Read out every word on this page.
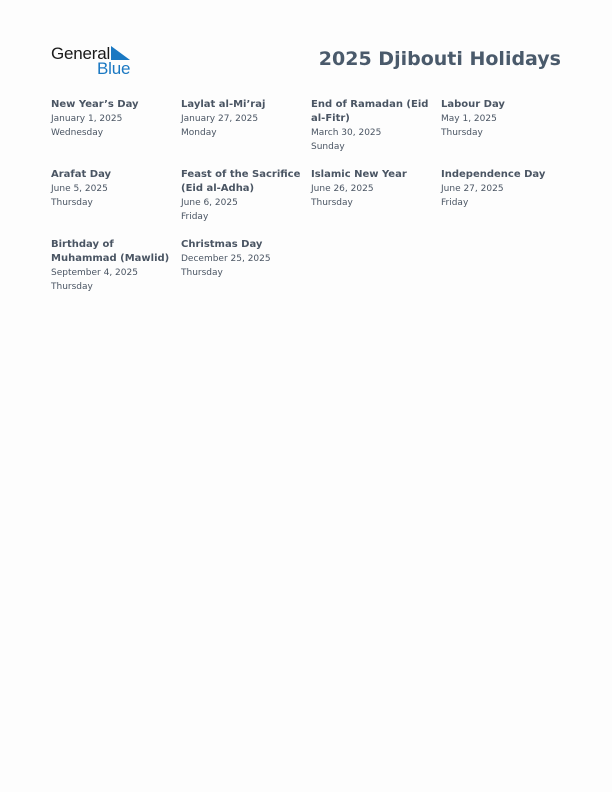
General
Blue	2025 Djibouti Holidays
New Year’s Day
January 1, 2025
Wednesday
Laylat al-Mi’raj
January 27, 2025
Monday
End of Ramadan (Eid al-Fitr)
March 30, 2025
Sunday
Labour Day
May 1, 2025
Thursday
Arafat Day
June 5, 2025
Thursday
Feast of the Sacrifice (Eid al-Adha)
June 6, 2025
Friday
Islamic New Year
June 26, 2025
Thursday
Independence Day
June 27, 2025
Friday
Birthday of Muhammad (Mawlid)
September 4, 2025
Thursday
Christmas Day
December 25, 2025
Thursday
